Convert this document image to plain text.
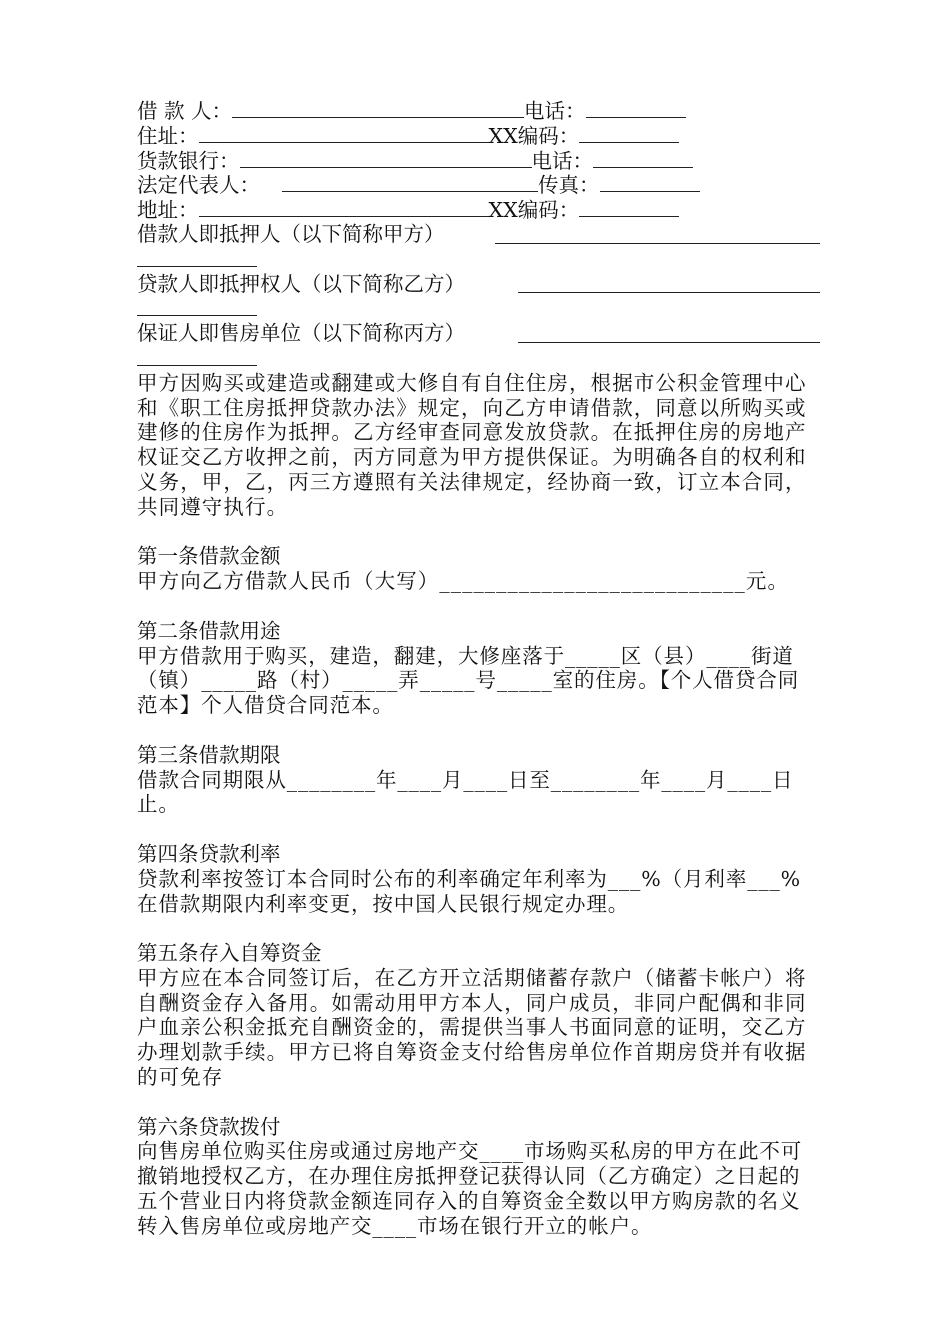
借 款 人：	电话：
住址：	XX编码：
货款银行：	电话：
法定代表人：	传真：
地址：	XX编码：
借款人即抵押人（以下简称甲方）
贷款人即抵押权人（以下简称乙方）
保证人即售房单位（以下简称丙方）
甲方因购买或建造或翻建或大修自有自住住房，根据市公积金管理中心和《职工住房抵押贷款办法》规定，向乙方申请借款，同意以所购买或建修的住房作为抵押。乙方经审查同意发放贷款。在抵押住房的房地产权证交乙方收押之前，丙方同意为甲方提供保证。为明确各自的权利和义务，甲，乙，丙三方遵照有关法律规定，经协商一致，订立本合同，共同遵守执行。
第一条借款金额
甲方向乙方借款人民币（大写）___________________________元。
第二条借款用途
甲方借款用于购买，建造，翻建，大修座落于_____区（县）____街道（镇）_____路（村）_____弄_____号_____室的住房。【个人借贷合同范本】个人借贷合同范本。
第三条借款期限
借款合同期限从________年____月____日至________年____月____日止。
第四条贷款利率
贷款利率按签订本合同时公布的利率确定年利率为___%（月利率___%在借款期限内利率变更，按中国人民银行规定办理。
第五条存入自筹资金
甲方应在本合同签订后，在乙方开立活期储蓄存款户（储蓄卡帐户）将自酬资金存入备用。如需动用甲方本人，同户成员，非同户配偶和非同户血亲公积金抵充自酬资金的，需提供当事人书面同意的证明，交乙方办理划款手续。甲方已将自筹资金支付给售房单位作首期房贷并有收据的可免存
第六条贷款拨付
向售房单位购买住房或通过房地产交____市场购买私房的甲方在此不可撤销地授权乙方，在办理住房抵押登记获得认同（乙方确定）之日起的五个营业日内将贷款金额连同存入的自筹资金全数以甲方购房款的名义转入售房单位或房地产交____市场在银行开立的帐户。
